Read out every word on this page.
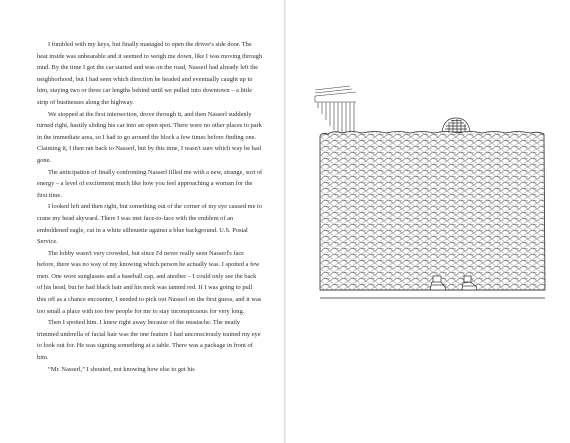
I fumbled with my keys, but finally managed to open the driver's side door. The heat inside was unbearable and it seemed to weigh me down, like I was moving through mud. By the time I got the car started and was on the road, Nasserl had already left the neighborhood, but I had seen which direction he headed and eventually caught up to him, staying two or three car lengths behind until we pulled into downtown – a little strip of businesses along the highway.

We stopped at the first intersection, drove through it, and then Nasserl suddenly turned right, hastily sliding his car into an open spot. There were no other places to park in the immediate area, so I had to go around the block a few times before finding one. Claiming it, I then ran back to Nasserl, but by this time, I wasn't sure which way he had gone.

The anticipation of finally confronting Nasserl filled me with a new, strange, sort of energy – a level of excitement much like how you feel approaching a woman for the first time.

I looked left and then right, but something out of the corner of my eye caused me to crane my head skyward. There I was met face-to-face with the emblem of an emboldened eagle, cut in a white silhouette against a blue background. U.S. Postal Service.

The lobby wasn't very crowded, but since I'd never really seen Nasserl's face before, there was no way of my knowing which person he actually was. I spotted a few men. One wore sunglasses and a baseball cap, and another – I could only see the back of his head, but he had black hair and his neck was tanned red. If I was going to pull this off as a chance encounter, I needed to pick out Nasserl on the first guess, and it was too small a place with too few people for me to stay inconspicuous for very long.

Then I spotted him. I knew right away because of the mustache. The neatly trimmed umbrella of facial hair was the one feature I had unconsciously trained my eye to look out for. He was signing something at a table. There was a package in front of him.

“Mr. Nasserl,” I shouted, not knowing how else to get his
